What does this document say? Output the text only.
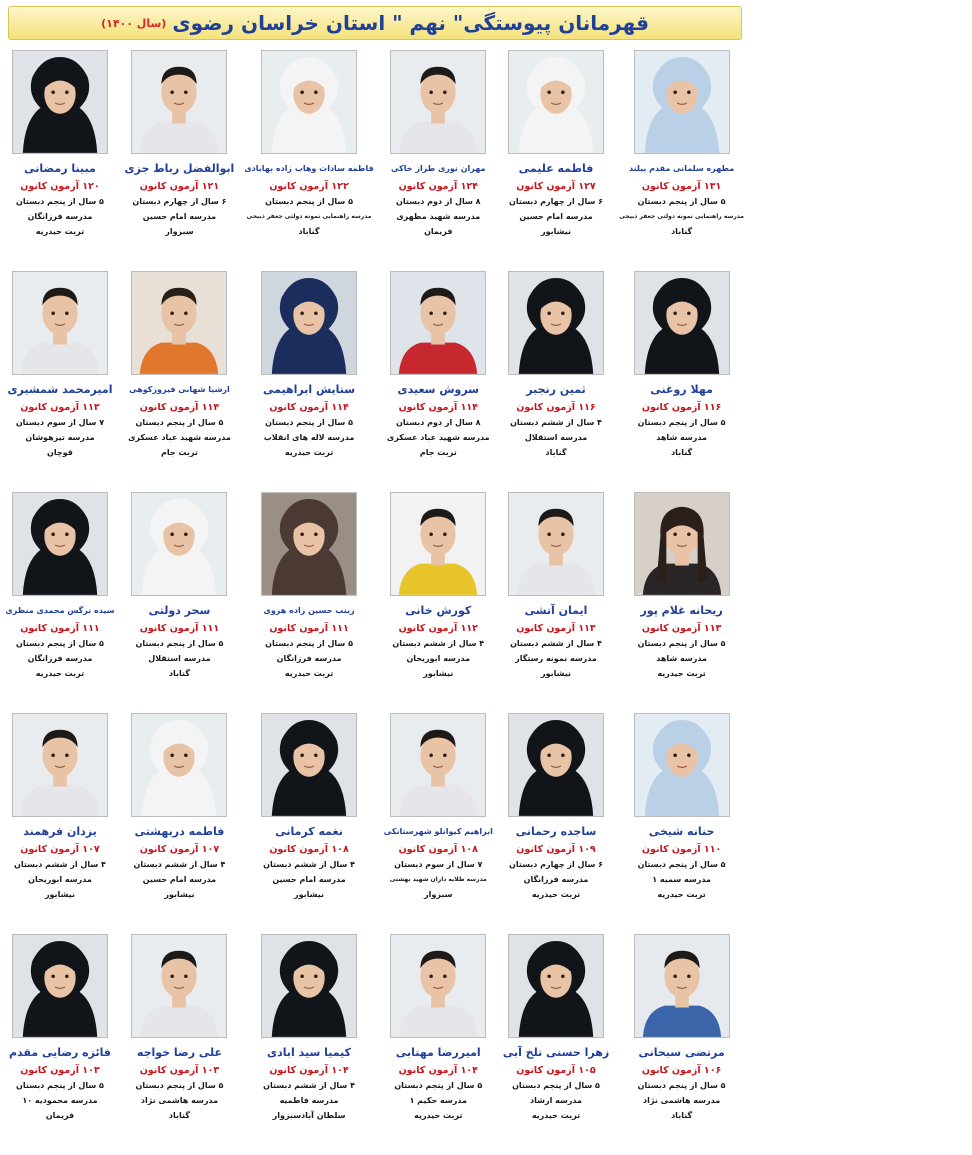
قهرمانان پیوستگی" نهم " استان خراسان رضوی
(سال ۱۴۰۰)
مطهره سلمانی مقدم بیلند
۱۳۱ آزمون کانون
۵ سال از پنجم دبستان
مدرسه راهنمایی نمونه دولتی جعفر ذبیحی
گناباد
فاطمه علیمی
۱۲۷ آزمون کانون
۶ سال از چهارم دبستان
مدرسه امام حسین
نیشابور
مهران نوری طراز خاکی
۱۲۴ آزمون کانون
۸ سال از دوم دبستان
مدرسه شهید مطهری
فریمان
فاطمه سادات وهاب زاده بهابادی
۱۲۲ آزمون کانون
۵ سال از پنجم دبستان
مدرسه راهنمایی نمونه دولتی جعفر ذبیحی
گناباد
ابوالفضل رباط جزی
۱۲۱ آزمون کانون
۶ سال از چهارم دبستان
مدرسه امام حسین
سبزوار
مبینا رمضانی
۱۲۰ آزمون کانون
۵ سال از پنجم دبستان
مدرسه فرزانگان
تربت حیدریه
مهلا روغنی
۱۱۶ آزمون کانون
۵ سال از پنجم دبستان
مدرسه شاهد
گناباد
ثمین رنجبر
۱۱۶ آزمون کانون
۴ سال از ششم دبستان
مدرسه استقلال
گناباد
سروش سعیدی
۱۱۴ آزمون کانون
۸ سال از دوم دبستان
مدرسه شهید عباد عسکری
تربت جام
ستایش ابراهیمی
۱۱۴ آزمون کانون
۵ سال از پنجم دبستان
مدرسه لاله های انقلاب
تربت حیدریه
ارشیا شهابی فیروزکوهی
۱۱۴ آزمون کانون
۵ سال از پنجم دبستان
مدرسه شهید عباد عسکری
تربت جام
امیرمحمد شمشیری
۱۱۳ آزمون کانون
۷ سال از سوم دبستان
مدرسه تیزهوشان
قوچان
ریحانه غلام پور
۱۱۳ آزمون کانون
۵ سال از پنجم دبستان
مدرسه شاهد
تربت حیدریه
ایمان آتشی
۱۱۳ آزمون کانون
۴ سال از ششم دبستان
مدرسه نمونه رستگار
نیشابور
کورش خانی
۱۱۲ آزمون کانون
۴ سال از ششم دبستان
مدرسه ابوریحان
نیشابور
زینب حسین زاده هروی
۱۱۱ آزمون کانون
۵ سال از پنجم دبستان
مدرسه فرزانگان
تربت حیدریه
سحر دولتی
۱۱۱ آزمون کانون
۵ سال از پنجم دبستان
مدرسه استقلال
گناباد
سیده نرگس محمدی منظری
۱۱۱ آزمون کانون
۵ سال از پنجم دبستان
مدرسه فرزانگان
تربت حیدریه
حنانه شیخی
۱۱۰ آزمون کانون
۵ سال از پنجم دبستان
مدرسه سمیه ۱
تربت حیدریه
ساجده رحمانی
۱۰۹ آزمون کانون
۶ سال از چهارم دبستان
مدرسه فرزانگان
تربت حیدریه
ابراهیم کیوانلو شهرستانکی
۱۰۸ آزمون کانون
۷ سال از سوم دبستان
مدرسه طلایه داران شهید بهشتی
سبزوار
نغمه کرمانی
۱۰۸ آزمون کانون
۴ سال از ششم دبستان
مدرسه امام حسین
نیشابور
فاطمه دربهشتی
۱۰۷ آزمون کانون
۴ سال از ششم دبستان
مدرسه امام حسین
نیشابور
یزدان فرهمند
۱۰۷ آزمون کانون
۴ سال از ششم دبستان
مدرسه ابوریحان
نیشابور
مرتضی سبحانی
۱۰۶ آزمون کانون
۵ سال از پنجم دبستان
مدرسه هاشمی نژاد
گناباد
زهرا حسنی تلخ آبی
۱۰۵ آزمون کانون
۵ سال از پنجم دبستان
مدرسه ارشاد
تربت حیدریه
امیررضا مهتابی
۱۰۴ آزمون کانون
۵ سال از پنجم دبستان
مدرسه حکیم ۱
تربت حیدریه
کیمیا سید ابادی
۱۰۴ آزمون کانون
۴ سال از ششم دبستان
مدرسه فاطمیه
سلطان آبادسبزوار
علی رضا خواجه
۱۰۳ آزمون کانون
۵ سال از پنجم دبستان
مدرسه هاشمی نژاد
گناباد
فائزه رضایی مقدم
۱۰۳ آزمون کانون
۵ سال از پنجم دبستان
مدرسه محمودیه ۱۰
فریمان
